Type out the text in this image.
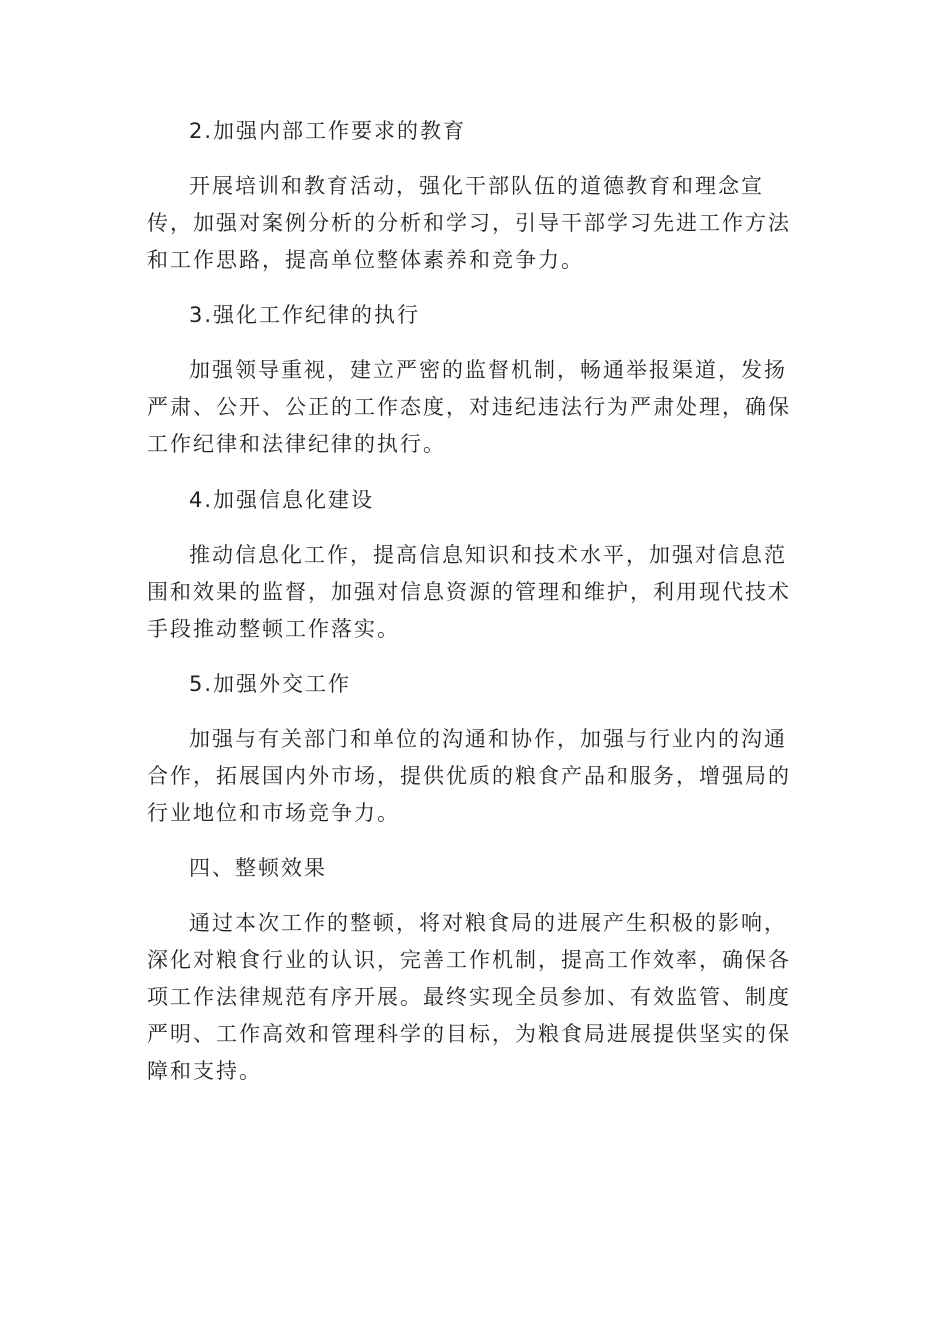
2.加强内部工作要求的教育

开展培训和教育活动，强化干部队伍的道德教育和理念宣传，加强对案例分析的分析和学习，引导干部学习先进工作方法和工作思路，提高单位整体素养和竞争力。

3.强化工作纪律的执行

加强领导重视，建立严密的监督机制，畅通举报渠道，发扬严肃、公开、公正的工作态度，对违纪违法行为严肃处理，确保工作纪律和法律纪律的执行。

4.加强信息化建设

推动信息化工作，提高信息知识和技术水平，加强对信息范围和效果的监督，加强对信息资源的管理和维护，利用现代技术手段推动整顿工作落实。

5.加强外交工作

加强与有关部门和单位的沟通和协作，加强与行业内的沟通合作，拓展国内外市场，提供优质的粮食产品和服务，增强局的行业地位和市场竞争力。

四、整顿效果

通过本次工作的整顿，将对粮食局的进展产生积极的影响，深化对粮食行业的认识，完善工作机制，提高工作效率，确保各项工作法律规范有序开展。最终实现全员参加、有效监管、制度严明、工作高效和管理科学的目标，为粮食局进展提供坚实的保障和支持。
